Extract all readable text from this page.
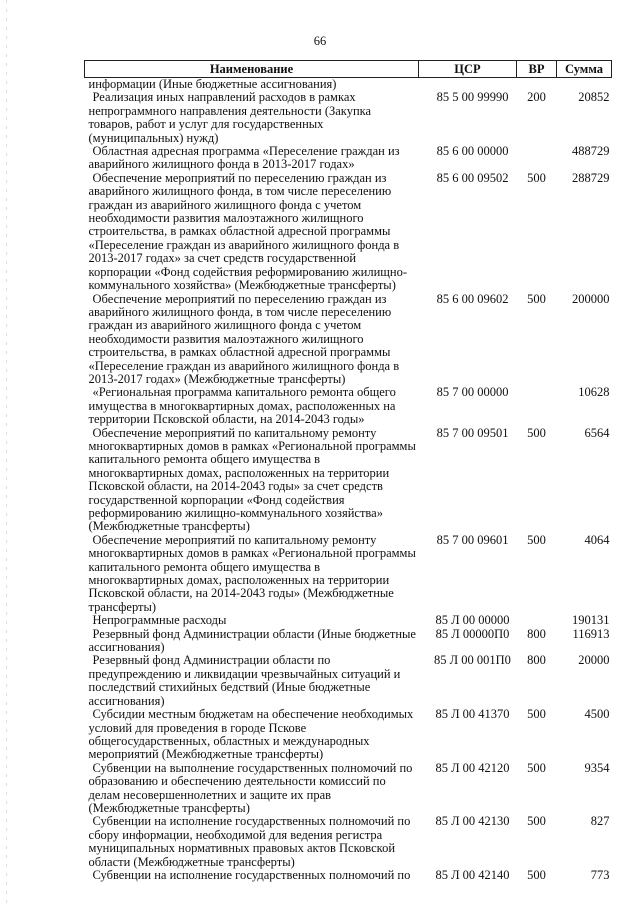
66
Наименование	ЦСР	ВР	Сумма
информации (Иные бюджетные ассигнования)			
Реализация иных направлений расходов в рамках непрограммного направления деятельности (Закупка товаров, работ и услуг для государственных (муниципальных) нужд)	85 5 00 99990	200	20852
Областная адресная программа «Переселение граждан из аварийного жилищного фонда в 2013-2017 годах»	85 6 00 00000		488729
Обеспечение мероприятий по переселению граждан из аварийного жилищного фонда, в том числе переселению граждан из аварийного жилищного фонда с учетом необходимости развития малоэтажного жилищного строительства, в рамках областной адресной программы «Переселение граждан из аварийного жилищного фонда в 2013-2017 годах» за счет средств государственной корпорации «Фонд содействия реформированию жилищно-коммунального хозяйства» (Межбюджетные трансферты)	85 6 00 09502	500	288729
Обеспечение мероприятий по переселению граждан из аварийного жилищного фонда, в том числе переселению граждан из аварийного жилищного фонда с учетом необходимости развития малоэтажного жилищного строительства, в рамках областной адресной программы «Переселение граждан из аварийного жилищного фонда в 2013-2017 годах» (Межбюджетные трансферты)	85 6 00 09602	500	200000
«Региональная программа капитального ремонта общего имущества в многоквартирных домах, расположенных на территории Псковской области, на 2014-2043 годы»	85 7 00 00000		10628
Обеспечение мероприятий по капитальному ремонту многоквартирных домов в рамках «Региональной программы капитального ремонта общего имущества в многоквартирных домах, расположенных на территории Псковской области, на 2014-2043 годы» за счет средств государственной корпорации «Фонд содействия реформированию жилищно-коммунального хозяйства» (Межбюджетные трансферты)	85 7 00 09501	500	6564
Обеспечение мероприятий по капитальному ремонту многоквартирных домов в рамках «Региональной программы капитального ремонта общего имущества в многоквартирных домах, расположенных на территории Псковской области, на 2014-2043 годы» (Межбюджетные трансферты)	85 7 00 09601	500	4064
Непрограммные расходы	85 Л 00 00000		190131
Резервный фонд Администрации области (Иные бюджетные ассигнования)	85 Л 00000П0	800	116913
Резервный фонд Администрации области по предупреждению и ликвидации чрезвычайных ситуаций и последствий стихийных бедствий (Иные бюджетные ассигнования)	85 Л 00 001П0	800	20000
Субсидии местным бюджетам на обеспечение необходимых условий для проведения в городе Пскове общегосударственных, областных и международных мероприятий (Межбюджетные трансферты)	85 Л 00 41370	500	4500
Субвенции на выполнение государственных полномочий по образованию и обеспечению деятельности комиссий по делам несовершеннолетних и защите их прав (Межбюджетные трансферты)	85 Л 00 42120	500	9354
Субвенции на исполнение государственных полномочий по сбору информации, необходимой для ведения регистра муниципальных нормативных правовых актов Псковской области (Межбюджетные трансферты)	85 Л 00 42130	500	827
Субвенции на исполнение государственных полномочий по	85 Л 00 42140	500	773
